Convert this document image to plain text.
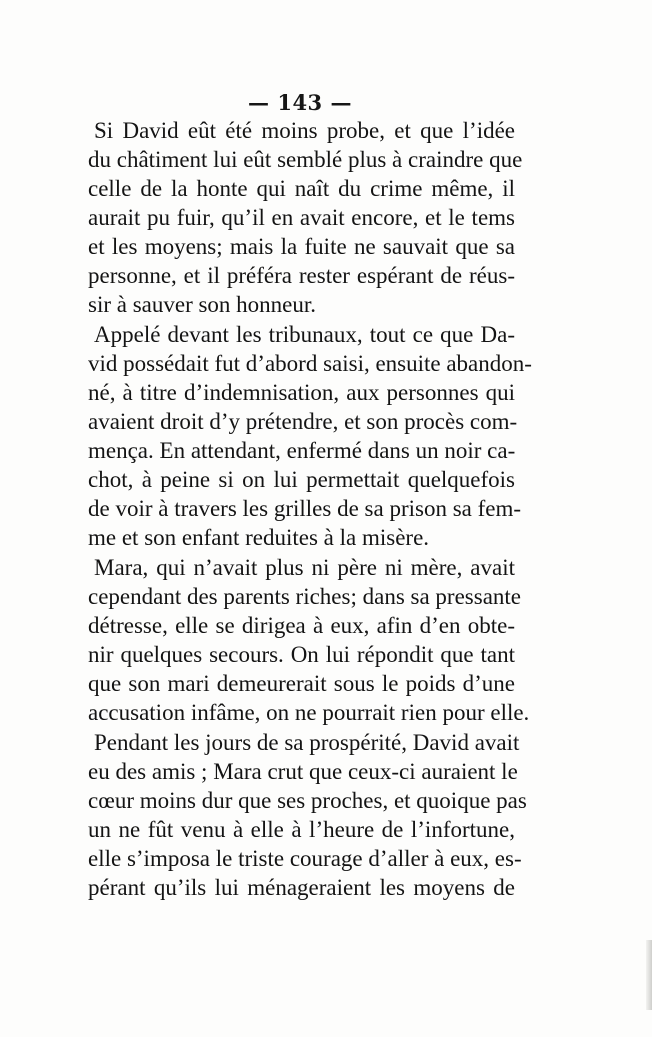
— 143 —
Si David eût été moins probe, et que l’idée
du châtiment lui eût semblé plus à craindre que
celle de la honte qui naît du crime même, il
aurait pu fuir, qu’il en avait encore, et le tems
et les moyens; mais la fuite ne sauvait que sa
personne, et il préféra rester espérant de réus-
sir à sauver son honneur.
Appelé devant les tribunaux, tout ce que Da-
vid possédait fut d’abord saisi, ensuite abandon-
né, à titre d’indemnisation, aux personnes qui
avaient droit d’y prétendre, et son procès com-
mença. En attendant, enfermé dans un noir ca-
chot, à peine si on lui permettait quelquefois
de voir à travers les grilles de sa prison sa fem-
me et son enfant reduites à la misère.
Mara, qui n’avait plus ni père ni mère, avait
cependant des parents riches; dans sa pressante
détresse, elle se dirigea à eux, afin d’en obte-
nir quelques secours. On lui répondit que tant
que son mari demeurerait sous le poids d’une
accusation infâme, on ne pourrait rien pour elle.
Pendant les jours de sa prospérité, David avait
eu des amis ; Mara crut que ceux-ci auraient le
cœur moins dur que ses proches, et quoique pas
un ne fût venu à elle à l’heure de l’infortune,
elle s’imposa le triste courage d’aller à eux, es-
pérant qu’ils lui ménageraient les moyens de
